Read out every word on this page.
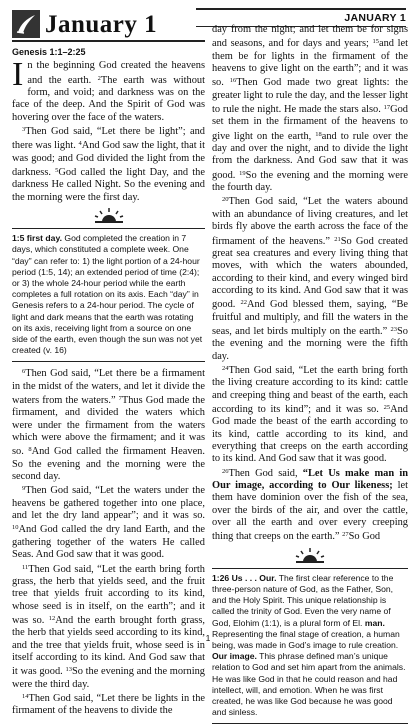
JANUARY 1
January 1
Genesis 1:1–2:25

In the beginning God created the heavens and the earth. $^2$The earth was without form, and void; and darkness was on the face of the deep. And the Spirit of God was hovering over the face of the waters.

$^3$Then God said, “Let there be light”; and there was light. $^4$And God saw the light, that it was good; and God divided the light from the darkness. $^5$God called the light Day, and the darkness He called Night. So the evening and the morning were the first day.

1:5 first day. God completed the creation in 7 days, which constituted a complete week. One “day” can refer to: 1) the light portion of a 24-hour period (1:5, 14); an extended period of time (2:4); or 3) the whole 24-hour period while the earth completes a full rotation on its axis. Each “day” in Genesis refers to a 24-hour period. The cycle of light and dark means that the earth was rotating on its axis, receiving light from a source on one side of the earth, even though the sun was not yet created (v. 16)

$^6$Then God said, “Let there be a firmament in the midst of the waters, and let it divide the waters from the waters.” $^7$Thus God made the firmament, and divided the waters which were under the firmament from the waters which were above the firmament; and it was so. $^8$And God called the firmament Heaven. So the evening and the morning were the second day.

$^9$Then God said, “Let the waters under the heavens be gathered together into one place, and let the dry land appear”; and it was so. $^{10}$And God called the dry land Earth, and the gathering together of the waters He called Seas. And God saw that it was good.

$^{11}$Then God said, “Let the earth bring forth grass, the herb that yields seed, and the fruit tree that yields fruit according to its kind, whose seed is in itself, on the earth”; and it was so. $^{12}$And the earth brought forth grass, the herb that yields seed according to its kind, and the tree that yields fruit, whose seed is in itself according to its kind. And God saw that it was good. $^{13}$So the evening and the morning were the third day.

$^{14}$Then God said, “Let there be lights in the firmament of the heavens to divide the

day from the night; and let them be for signs and seasons, and for days and years; $^{15}$and let them be for lights in the firmament of the heavens to give light on the earth”; and it was so. $^{16}$Then God made two great lights: the greater light to rule the day, and the lesser light to rule the night. He made the stars also. $^{17}$God set them in the firmament of the heavens to give light on the earth, $^{18}$and to rule over the day and over the night, and to divide the light from the darkness. And God saw that it was good. $^{19}$So the evening and the morning were the fourth day.

$^{20}$Then God said, “Let the waters abound with an abundance of living creatures, and let birds fly above the earth across the face of the firmament of the heavens.” $^{21}$So God created great sea creatures and every living thing that moves, with which the waters abounded, according to their kind, and every winged bird according to its kind. And God saw that it was good. $^{22}$And God blessed them, saying, “Be fruitful and multiply, and fill the waters in the seas, and let birds multiply on the earth.” $^{23}$So the evening and the morning were the fifth day.

$^{24}$Then God said, “Let the earth bring forth the living creature according to its kind: cattle and creeping thing and beast of the earth, each according to its kind”; and it was so. $^{25}$And God made the beast of the earth according to its kind, cattle according to its kind, and everything that creeps on the earth according to its kind. And God saw that it was good.

$^{26}$Then God said, “Let Us make man in Our image, according to Our likeness; let them have dominion over the fish of the sea, over the birds of the air, and over the cattle, over all the earth and over every creeping thing that creeps on the earth.” $^{27}$So God

1:26 Us . . . Our. The first clear reference to the three-person nature of God, as the Father, Son, and the Holy Spirit. This unique relationship is called the trinity of God. Even the very name of God, Elohim (1:1), is a plural form of El. man. Representing the final stage of creation, a human being, was made in God’s image to rule creation. Our image. This phrase defined man’s unique relation to God and set him apart from the animals. He was like God in that he could reason and had intellect, will, and emotion. When he was first created, he was like God because he was good and sinless.

1
